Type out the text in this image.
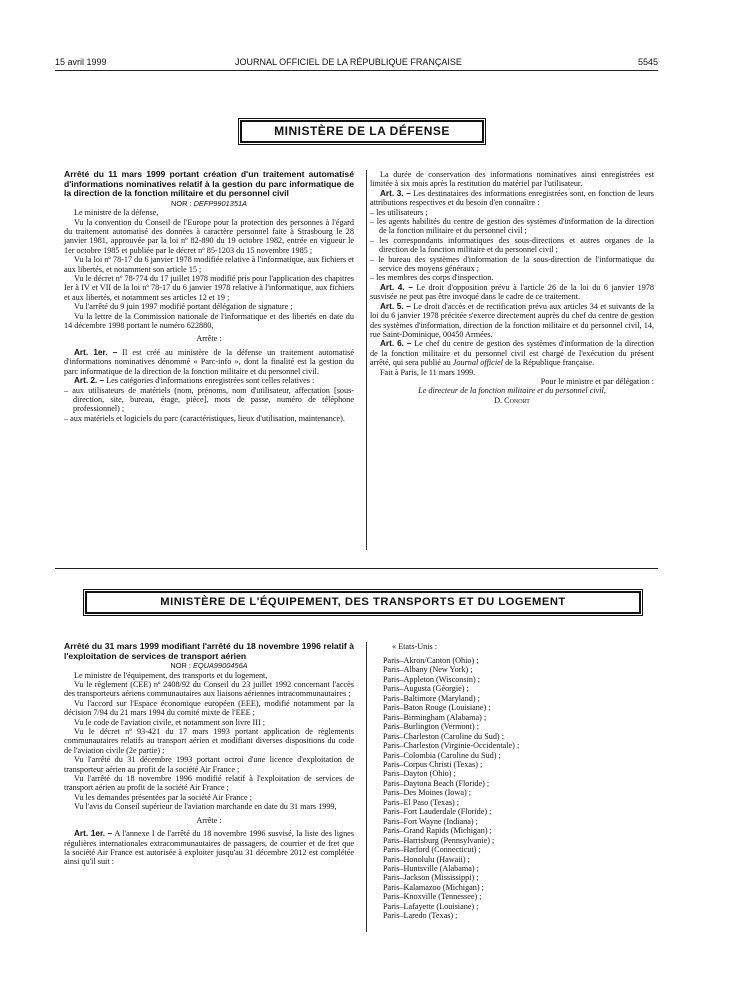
15 avril 1999	JOURNAL OFFICIEL DE LA RÉPUBLIQUE FRANÇAISE	5545
MINISTÈRE DE LA DÉFENSE

Arrêté du 11 mars 1999 portant création d'un traitement automatisé d'informations nominatives relatif à la gestion du parc informatique de la direction de la fonction militaire et du personnel civil

NOR : DEFP9901351A

Le ministre de la défense,

Vu la convention du Conseil de l'Europe pour la protection des personnes à l'égard du traitement automatisé des données à caractère personnel faite à Strasbourg le 28 janvier 1981, approuvée par la loi nº 82-890 du 19 octobre 1982, entrée en vigueur le 1er octobre 1985 et publiée par le décret nº 85-1203 du 15 novembre 1985 ;

Vu la loi nº 78-17 du 6 janvier 1978 modifiée relative à l'informatique, aux fichiers et aux libertés, et notamment son article 15 ;

Vu le décret nº 78-774 du 17 juillet 1978 modifié pris pour l'application des chapitres Ier à IV et VII de la loi nº 78-17 du 6 janvier 1978 relative à l'informatique, aux fichiers et aux libertés, et notamment ses articles 12 et 19 ;

Vu l'arrêté du 9 juin 1997 modifié portant délégation de signature ;

Vu la lettre de la Commission nationale de l'informatique et des libertés en date du 14 décembre 1998 portant le numéro 622880,

Arrête :

Art. 1er. – Il est créé au ministère de la défense un traitement automatisé d'informations nominatives dénommé « Parc-info », dont la finalité est la gestion du parc informatique de la direction de la fonction militaire et du personnel civil.

Art. 2. – Les catégories d'informations enregistrées sont celles relatives :

– aux utilisateurs de matériels (nom, prénoms, nom d'utilisateur, affectation [sous-direction, site, bureau, étage, pièce], mots de passe, numéro de téléphone professionnel) ;
– aux matériels et logiciels du parc (caractéristiques, lieux d'utilisation, maintenance).

La durée de conservation des informations nominatives ainsi enregistrées est limitée à six mois après la restitution du matériel par l'utilisateur.

Art. 3. – Les destinataires des informations enregistrées sont, en fonction de leurs attributions respectives et du besoin d'en connaître :

– les utilisateurs ;
– les agents habilités du centre de gestion des systèmes d'information de la direction de la fonction militaire et du personnel civil ;
– les correspondants informatiques des sous-directions et autres organes de la direction de la fonction militaire et du personnel civil ;
– le bureau des systèmes d'information de la sous-direction de l'informatique du service des moyens généraux ;
– les membres des corps d'inspection.

Art. 4. – Le droit d'opposition prévu à l'article 26 de la loi du 6 janvier 1978 susvisée ne peut pas être invoqué dans le cadre de ce traitement.

Art. 5. – Le droit d'accès et de rectification prévu aux articles 34 et suivants de la loi du 6 janvier 1978 précitée s'exerce directement auprès du chef du centre de gestion des systèmes d'information, direction de la fonction militaire et du personnel civil, 14, rue Saint-Dominique, 00450 Armées.

Art. 6. – Le chef du centre de gestion des systèmes d'information de la direction de la fonction militaire et du personnel civil est chargé de l'exécution du présent arrêté, qui sera publié au Journal officiel de la République française.

Fait à Paris, le 11 mars 1999.

Pour le ministre et par délégation :

Le directeur de la fonction militaire et du personnel civil,

D. Conort

MINISTÈRE DE L'ÉQUIPEMENT, DES TRANSPORTS ET DU LOGEMENT

Arrêté du 31 mars 1999 modifiant l'arrêté du 18 novembre 1996 relatif à l'exploitation de services de transport aérien

NOR : EQUA9900456A

Le ministre de l'équipement, des transports et du logement,

Vu le règlement (CEE) nº 2408/92 du Conseil du 23 juillet 1992 concernant l'accès des transporteurs aériens communautaires aux liaisons aériennes intracommunautaires ;

Vu l'accord sur l'Espace économique européen (EEE), modifié notamment par la décision 7/94 du 21 mars 1994 du comité mixte de l'EEE ;

Vu le code de l'aviation civile, et notamment son livre III ;

Vu le décret nº 93-421 du 17 mars 1993 portant application de règlements communautaires relatifs au transport aérien et modifiant diverses dispositions du code de l'aviation civile (2e partie) ;

Vu l'arrêté du 31 décembre 1993 portant octroi d'une licence d'exploitation de transporteur aérien au profit de la société Air France ;

Vu l'arrêté du 18 novembre 1996 modifié relatif à l'exploitation de services de transport aérien au profit de la société Air France ;

Vu les demandes présentées par la société Air France ;

Vu l'avis du Conseil supérieur de l'aviation marchande en date du 31 mars 1999,

Arrête :

Art. 1er. – A l'annexe I de l'arrêté du 18 novembre 1996 susvisé, la liste des lignes régulières internationales extracommunautaires de passagers, de courrier et de fret que la société Air France est autorisée à exploiter jusqu'au 31 décembre 2012 est complétée ainsi qu'il suit :

« Etats-Unis :

Paris–Akron/Canton (Ohio) ;
Paris–Albany (New York) ;
Paris–Appleton (Wisconsin) ;
Paris–Augusta (Géorgie) ;
Paris–Baltimore (Maryland) ;
Paris–Baton Rouge (Louisiane) ;
Paris–Birmingham (Alabama) ;
Paris–Burlington (Vermont) ;
Paris–Charleston (Caroline du Sud) ;
Paris–Charleston (Virginie-Occidentale) ;
Paris–Colombia (Caroline du Sud) ;
Paris–Corpus Christi (Texas) ;
Paris–Dayton (Ohio) ;
Paris–Daytona Beach (Floride) ;
Paris–Des Moines (Iowa) ;
Paris–El Paso (Texas) ;
Paris–Fort Lauderdale (Floride) ;
Paris–Fort Wayne (Indiana) ;
Paris–Grand Rapids (Michigan) ;
Paris–Harrisburg (Pennsylvanie) ;
Paris–Harford (Connecticut) ;
Paris–Honolulu (Hawaii) ;
Paris–Huntsville (Alabama) ;
Paris–Jackson (Mississippi) ;
Paris–Kalamazoo (Michigan) ;
Paris–Knoxville (Tennessee) ;
Paris–Lafayette (Louisiane) ;
Paris–Laredo (Texas) ;
